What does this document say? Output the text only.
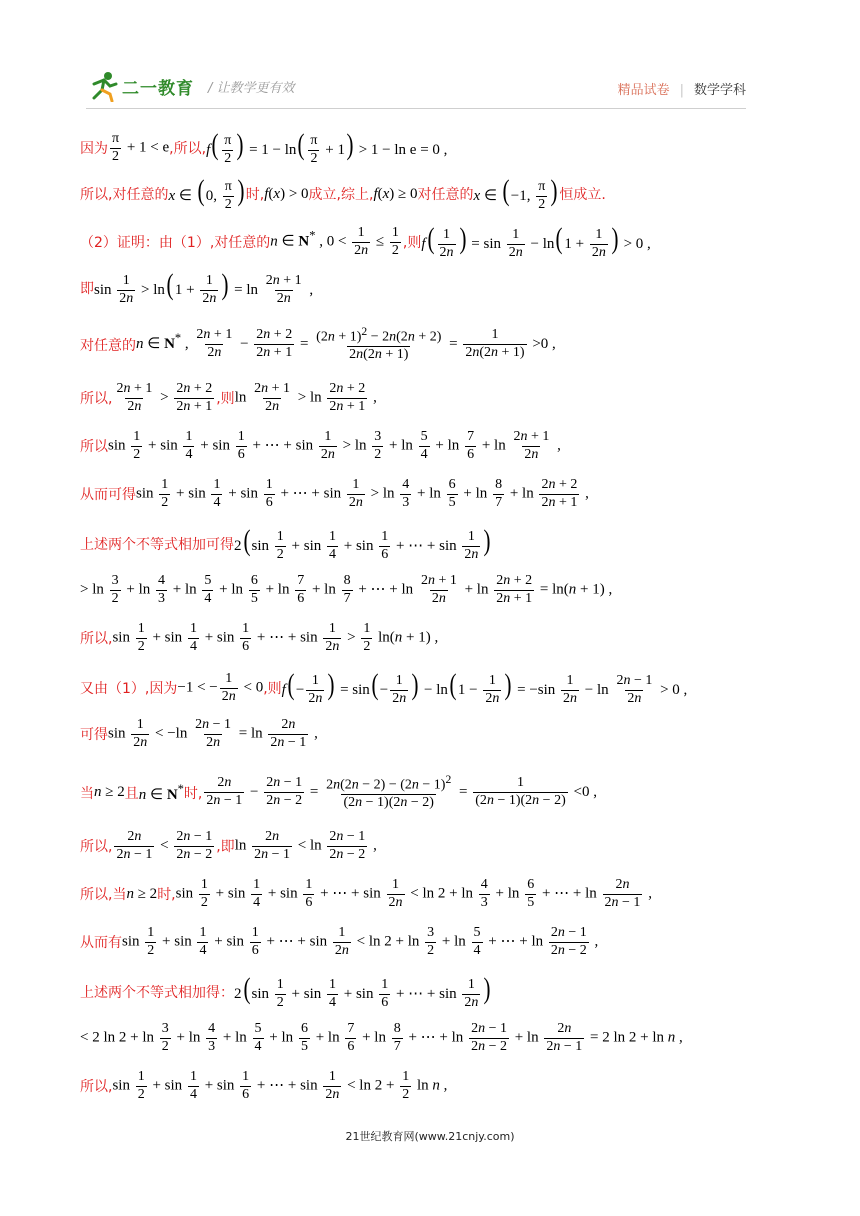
二一教育 / 让教学更有效	精品试卷 | 数学学科
因为 $\frac{\pi}{2} + 1 < e$ ,所以, $f( \frac{\pi}{2}$ ) = $1 - \ln( \frac{\pi}{2} + 1) > 1 - \ln e = 0$ ,
所以,对任意的 x ∈ ( 0, $\frac{\pi}{2}$ ) 时, f(x) > 0 成立,综上, f(x) ≥ 0 对任意的 x ∈ ( −1, $\frac{\pi}{2}$ ) 恒成立.
（2）证明：由（1）,对任意的 n ∈ N* , $0 < \frac{1}{2n} \le \frac{1}{2}$ ,则 $f( \frac{1}{2n}$ ) = $\sin \frac{1}{2n} - \ln$( $1 + \frac{1}{2n}$ ) > 0 ,
即 $\sin \frac{1}{2n} > \ln$( $1 + \frac{1}{2n}$ ) = $\ln \frac{2n + 1}{2n}$ ,
对任意的 n ∈ N* , $\frac{2n + 1}{2n} - \frac{2n + 2}{2n + 1} = \frac{(2n + 1)^2 - 2n(2n + 2)}{2n(2n + 1)} = \frac{1}{2n(2n + 1)} >0$ ,
所以, $\frac{2n + 1}{2n} > \frac{2n + 2}{2n + 1}$ ,则 $\ln \frac{2n + 1}{2n} > \ln \frac{2n + 2}{2n + 1}$ ,
所以 $\sin \frac{1}{2} + \sin \frac{1}{4} + \sin \frac{1}{6}$ + ⋯ + $\sin \frac{1}{2n} > \ln \frac{3}{2} + \ln \frac{5}{4} + \ln \frac{7}{6} + \ln \frac{2n + 1}{2n}$ ,
从而可得 $\sin \frac{1}{2} + \sin \frac{1}{4} + \sin \frac{1}{6}$ + ⋯ + $\sin \frac{1}{2n} > \ln \frac{4}{3} + \ln \frac{6}{5} + \ln \frac{8}{7} + \ln \frac{2n + 2}{2n + 1}$ ,
上述两个不等式相加可得 2( $\sin \frac{1}{2} + \sin \frac{1}{4} + \sin \frac{1}{6}$ + ⋯ + $\sin \frac{1}{2n}$ )
> $\ln \frac{3}{2} + \ln \frac{4}{3} + \ln \frac{5}{4} + \ln \frac{6}{5} + \ln \frac{7}{6} + \ln \frac{8}{7}$ + ⋯ + $\ln \frac{2n + 1}{2n} + \ln \frac{2n + 2}{2n + 1} = \ln(n + 1)$ ,
所以, $\sin \frac{1}{2} + \sin \frac{1}{4} + \sin \frac{1}{6}$ + ⋯ + $\sin \frac{1}{2n} > \frac{1}{2} \ln(n + 1)$ ,
又由（1）,因为 −1 < − $\frac{1}{2n} < 0$ ,则 $f( - \frac{1}{2n}$ ) = $\sin( - \frac{1}{2n}$ ) − ln( $1 - \frac{1}{2n}$ ) = $-\sin \frac{1}{2n} - \ln \frac{2n - 1}{2n} > 0$ ,
可得 $\sin \frac{1}{2n} < -\ln \frac{2n - 1}{2n} = \ln \frac{2n}{2n - 1}$ ,
当 n ≥ 2 且 n ∈ N* 时, $\frac{2n}{2n - 1} - \frac{2n - 1}{2n - 2} = \frac{2n(2n - 2) - (2n - 1)^2}{(2n - 1)(2n - 2)} = \frac{1}{(2n - 1)(2n - 2)} <0$ ,
所以, $\frac{2n}{2n - 1} < \frac{2n - 1}{2n - 2}$ ,即 $\ln \frac{2n}{2n - 1} < \ln \frac{2n - 1}{2n - 2}$ ,
所以,当 n ≥ 2 时, $\sin \frac{1}{2} + \sin \frac{1}{4} + \sin \frac{1}{6}$ + ⋯ + $\sin \frac{1}{2n} < \ln 2 + \ln \frac{4}{3} + \ln \frac{6}{5}$ + ⋯ + $\ln \frac{2n}{2n - 1}$ ,
从而有 $\sin \frac{1}{2} + \sin \frac{1}{4} + \sin \frac{1}{6}$ + ⋯ + $\sin \frac{1}{2n} < \ln 2 + \ln \frac{3}{2} + \ln \frac{5}{4}$ + ⋯ + $\ln \frac{2n - 1}{2n - 2}$ ,
上述两个不等式相加得： 2( $\sin \frac{1}{2} + \sin \frac{1}{4} + \sin \frac{1}{6}$ + ⋯ + $\sin \frac{1}{2n}$ )
< 2 $\ln 2 + \ln \frac{3}{2} + \ln \frac{4}{3} + \ln \frac{5}{4} + \ln \frac{6}{5} + \ln \frac{7}{6} + \ln \frac{8}{7}$ + ⋯ + $\ln \frac{2n - 1}{2n - 2} + \ln \frac{2n}{2n - 1} = 2$ ln 2 + ln n ,
所以, $\sin \frac{1}{2} + \sin \frac{1}{4} + \sin \frac{1}{6}$ + ⋯ + $\sin \frac{1}{2n} < \ln 2 + \frac{1}{2}$ ln n ,
21世纪教育网(www.21cnjy.com)
